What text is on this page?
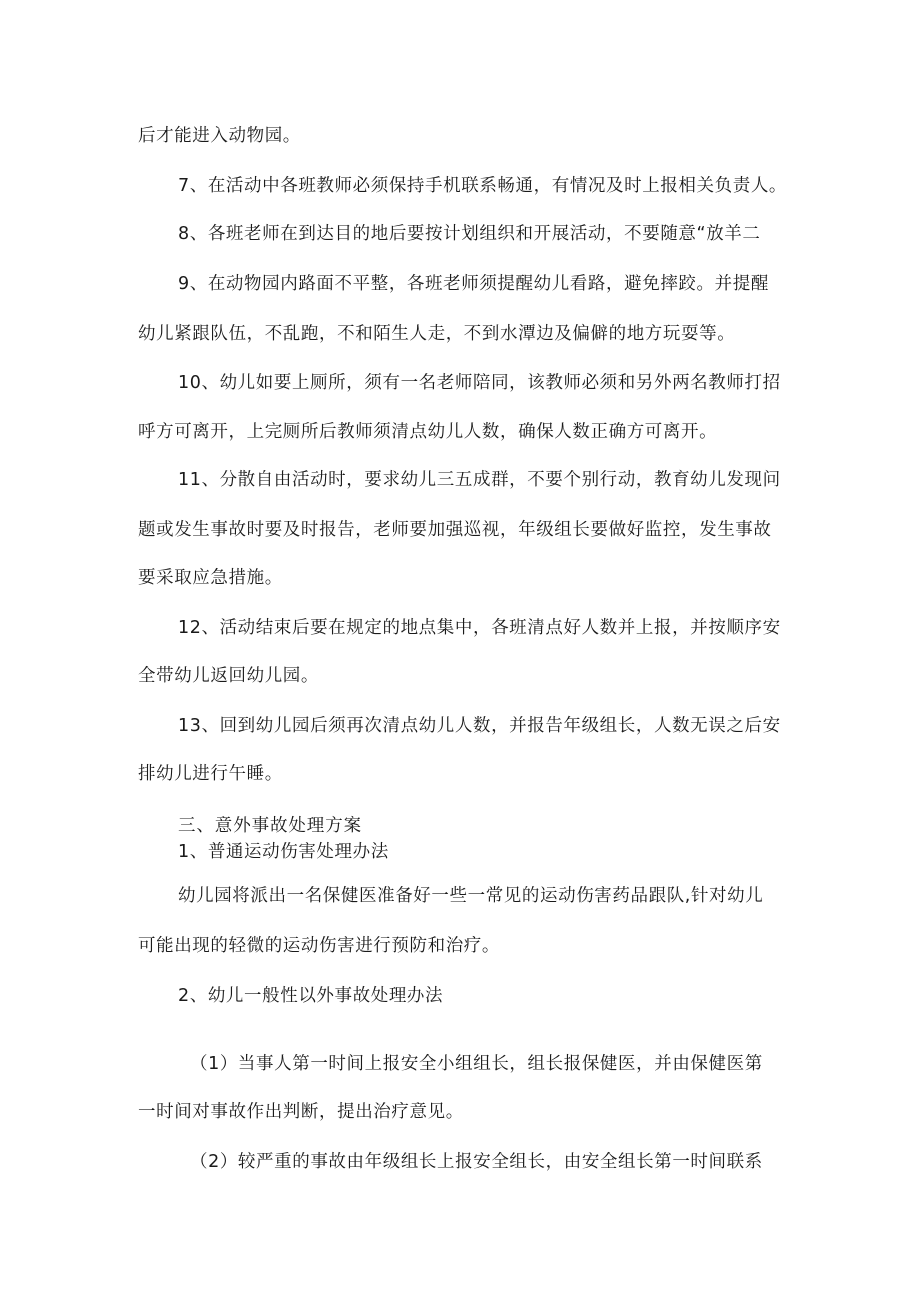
后才能进入动物园。
7、在活动中各班教师必须保持手机联系畅通，有情况及时上报相关负责人。
8、各班老师在到达目的地后要按计划组织和开展活动，不要随意“放羊二
9、在动物园内路面不平整，各班老师须提醒幼儿看路，避免摔跤。并提醒
幼儿紧跟队伍，不乱跑，不和陌生人走，不到水潭边及偏僻的地方玩耍等。
10、幼儿如要上厕所，须有一名老师陪同，该教师必须和另外两名教师打招
呼方可离开，上完厕所后教师须清点幼儿人数，确保人数正确方可离开。
11、分散自由活动时，要求幼儿三五成群，不要个别行动，教育幼儿发现问
题或发生事故时要及时报告，老师要加强巡视，年级组长要做好监控，发生事故
要采取应急措施。
12、活动结束后要在规定的地点集中，各班清点好人数并上报，并按顺序安
全带幼儿返回幼儿园。
13、回到幼儿园后须再次清点幼儿人数，并报告年级组长，人数无误之后安
排幼儿进行午睡。
三、意外事故处理方案
1、普通运动伤害处理办法
幼儿园将派出一名保健医准备好一些一常见的运动伤害药品跟队,针对幼儿
可能出现的轻微的运动伤害进行预防和治疗。
2、幼儿一般性以外事故处理办法
（1）当事人第一时间上报安全小组组长，组长报保健医，并由保健医第
一时间对事故作出判断，提出治疗意见。
（2）较严重的事故由年级组长上报安全组长，由安全组长第一时间联系
